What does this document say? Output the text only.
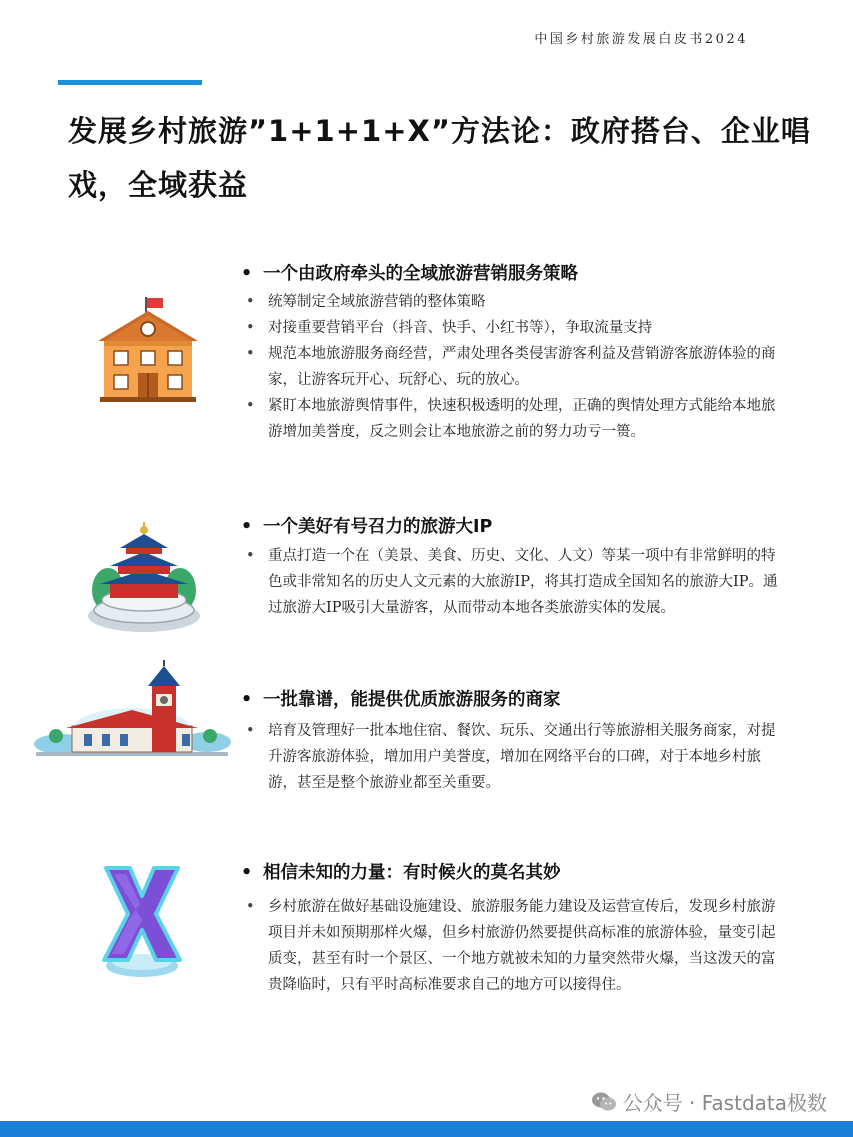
中国乡村旅游发展白皮书2024
发展乡村旅游”1+1+1+X”方法论：政府搭台、企业唱戏，全域获益
• 一个由政府牵头的全域旅游营销服务策略
• 统筹制定全域旅游营销的整体策略
• 对接重要营销平台（抖音、快手、小红书等），争取流量支持
• 规范本地旅游服务商经营，严肃处理各类侵害游客利益及营销游客旅游体验的商家，让游客玩开心、玩舒心、玩的放心。
• 紧盯本地旅游舆情事件，快速积极透明的处理，正确的舆情处理方式能给本地旅游增加美誉度，反之则会让本地旅游之前的努力功亏一篑。
• 一个美好有号召力的旅游大IP
• 重点打造一个在（美景、美食、历史、文化、人文）等某一项中有非常鲜明的特色或非常知名的历史人文元素的大旅游IP，将其打造成全国知名的旅游大IP。通过旅游大IP吸引大量游客，从而带动本地各类旅游实体的发展。
• 一批靠谱，能提供优质旅游服务的商家
• 培育及管理好一批本地住宿、餐饮、玩乐、交通出行等旅游相关服务商家，对提升游客旅游体验，增加用户美誉度，增加在网络平台的口碑，对于本地乡村旅游，甚至是整个旅游业都至关重要。
• 相信未知的力量：有时候火的莫名其妙
• 乡村旅游在做好基础设施建设、旅游服务能力建设及运营宣传后，发现乡村旅游项目并未如预期那样火爆，但乡村旅游仍然要提供高标准的旅游体验，量变引起质变，甚至有时一个景区、一个地方就被未知的力量突然带火爆，当这泼天的富贵降临时，只有平时高标准要求自己的地方可以接得住。
公众号 · Fastdata极数
